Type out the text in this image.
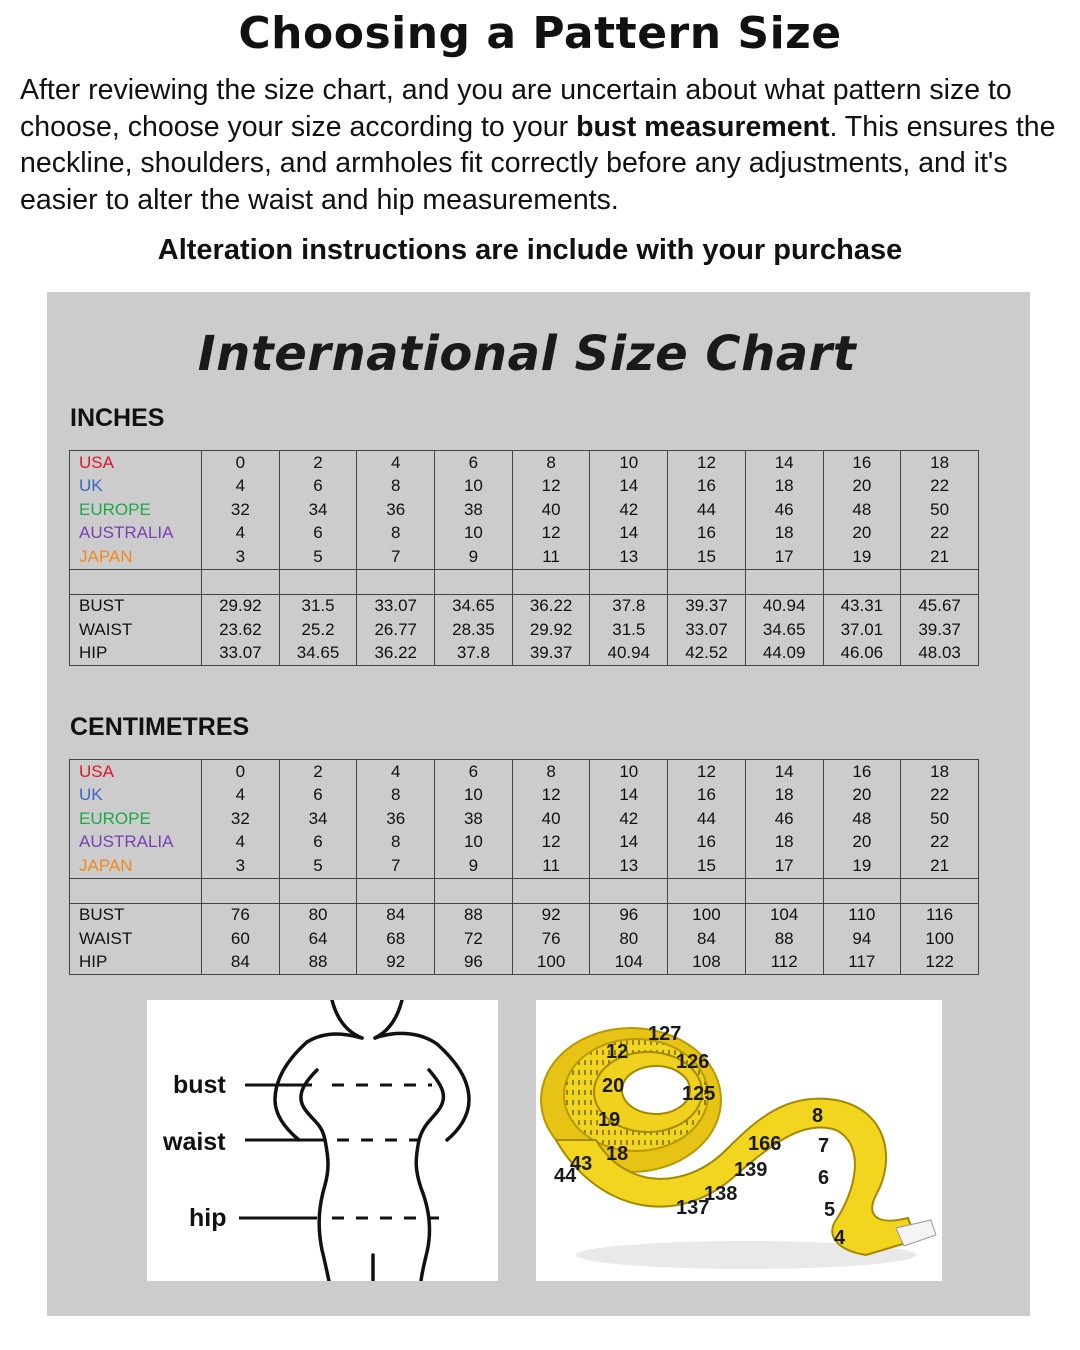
Choosing a Pattern Size
After reviewing the size chart, and you are uncertain about what pattern size to choose, choose your size according to your bust measurement. This ensures the neckline, shoulders, and armholes fit correctly before any adjustments, and it's easier to alter the waist and hip measurements.
Alteration instructions are include with your purchase
International Size Chart
INCHES
USA	0	2	4	6	8	10	12	14	16	18
UK	4	6	8	10	12	14	16	18	20	22
EUROPE	32	34	36	38	40	42	44	46	48	50
AUSTRALIA	4	6	8	10	12	14	16	18	20	22
JAPAN	3	5	7	9	11	13	15	17	19	21

BUST	29.92	31.5	33.07	34.65	36.22	37.8	39.37	40.94	43.31	45.67
WAIST	23.62	25.2	26.77	28.35	29.92	31.5	33.07	34.65	37.01	39.37
HIP	33.07	34.65	36.22	37.8	39.37	40.94	42.52	44.09	46.06	48.03
CENTIMETRES
USA	0	2	4	6	8	10	12	14	16	18
UK	4	6	8	10	12	14	16	18	20	22
EUROPE	32	34	36	38	40	42	44	46	48	50
AUSTRALIA	4	6	8	10	12	14	16	18	20	22
JAPAN	3	5	7	9	11	13	15	17	19	21

BUST	76	80	84	88	92	96	100	104	110	116
WAIST	60	64	68	72	76	80	84	88	94	100
HIP	84	88	92	96	100	104	108	112	117	122
bust
waist
hip
12
20
19
18
44
43
127
126
125
166
139
138
137
8
7
6
5
4
